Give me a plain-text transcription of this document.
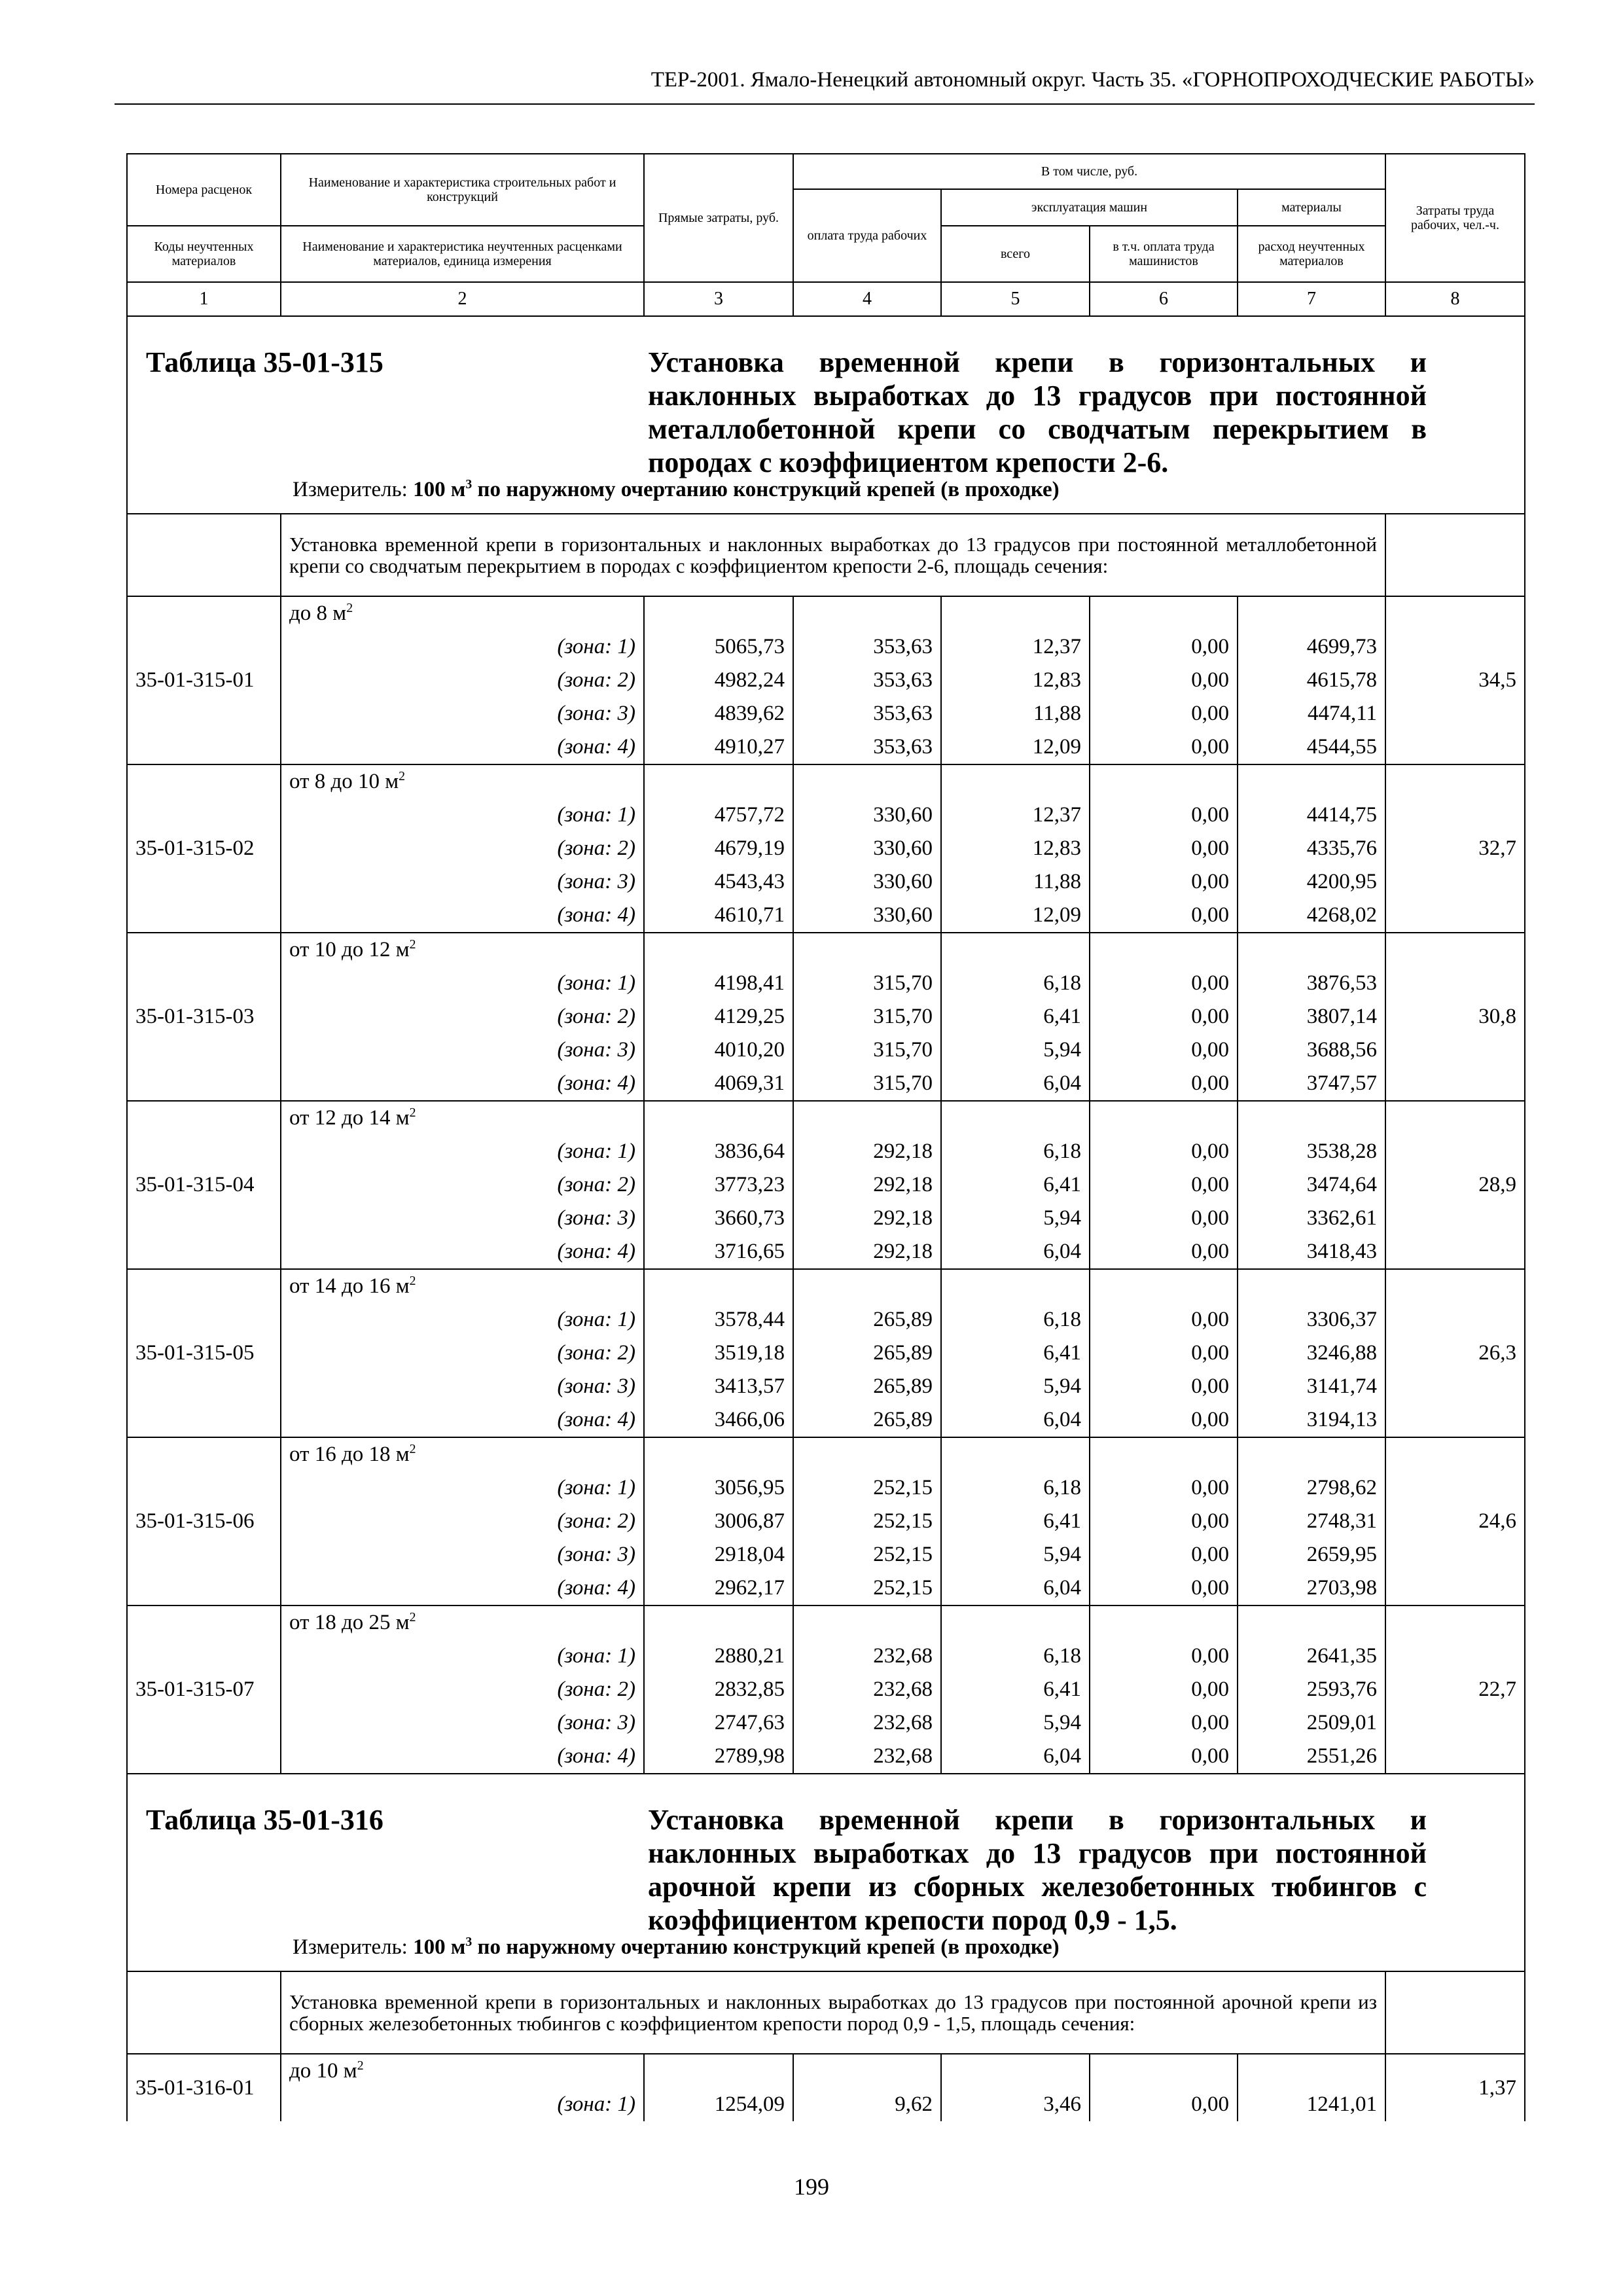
ТЕР-2001. Ямало-Ненецкий автономный округ. Часть 35. «ГОРНОПРОХОДЧЕСКИЕ РАБОТЫ»
Номера расценок	Наименование и характеристика строительных работ и конструкций	Прямые затраты, руб.	В том числе, руб.				Затраты труда рабочих, чел.-ч.
			оплата труда рабочих	эксплуатация машин		материалы	
Коды неучтенных материалов	Наименование и характеристика неучтенных расценками материалов, единица измерения			всего	в т.ч. оплата труда машинистов	расход неучтенных материалов	
1	2	3	4	5	6	7	8

Таблица 35-01-315 Установка временной крепи в горизонтальных и наклонных выработках до 13 градусов при постоянной металлобетонной крепи со сводчатым перекрытием в породах с коэффициентом крепости 2-6.
Измеритель: 100 $м^3$ по наружному очертанию конструкций крепей (в проходке)							

	Установка временной крепи в горизонтальных и наклонных выработках до 13 градусов при постоянной металлобетонной крепи со сводчатым перекрытием в породах с коэффициентом крепости 2-6, площадь сечения:						
35-01-315-01	до 8 $м^2$						34,5
	(зона: 1)	5065,73	353,63	12,37	0,00	4699,73	
	(зона: 2)	4982,24	353,63	12,83	0,00	4615,78	
	(зона: 3)	4839,62	353,63	11,88	0,00	4474,11	
	(зона: 4)	4910,27	353,63	12,09	0,00	4544,55	
35-01-315-02	от 8 до 10 $м^2$						32,7
	(зона: 1)	4757,72	330,60	12,37	0,00	4414,75	
	(зона: 2)	4679,19	330,60	12,83	0,00	4335,76	
	(зона: 3)	4543,43	330,60	11,88	0,00	4200,95	
	(зона: 4)	4610,71	330,60	12,09	0,00	4268,02	
35-01-315-03	от 10 до 12 $м^2$						30,8
	(зона: 1)	4198,41	315,70	6,18	0,00	3876,53	
	(зона: 2)	4129,25	315,70	6,41	0,00	3807,14	
	(зона: 3)	4010,20	315,70	5,94	0,00	3688,56	
	(зона: 4)	4069,31	315,70	6,04	0,00	3747,57	
35-01-315-04	от 12 до 14 $м^2$						28,9
	(зона: 1)	3836,64	292,18	6,18	0,00	3538,28	
	(зона: 2)	3773,23	292,18	6,41	0,00	3474,64	
	(зона: 3)	3660,73	292,18	5,94	0,00	3362,61	
	(зона: 4)	3716,65	292,18	6,04	0,00	3418,43	
35-01-315-05	от 14 до 16 $м^2$						26,3
	(зона: 1)	3578,44	265,89	6,18	0,00	3306,37	
	(зона: 2)	3519,18	265,89	6,41	0,00	3246,88	
	(зона: 3)	3413,57	265,89	5,94	0,00	3141,74	
	(зона: 4)	3466,06	265,89	6,04	0,00	3194,13	
35-01-315-06	от 16 до 18 $м^2$						24,6
	(зона: 1)	3056,95	252,15	6,18	0,00	2798,62	
	(зона: 2)	3006,87	252,15	6,41	0,00	2748,31	
	(зона: 3)	2918,04	252,15	5,94	0,00	2659,95	
	(зона: 4)	2962,17	252,15	6,04	0,00	2703,98	
35-01-315-07	от 18 до 25 $м^2$						22,7
	(зона: 1)	2880,21	232,68	6,18	0,00	2641,35	
	(зона: 2)	2832,85	232,68	6,41	0,00	2593,76	
	(зона: 3)	2747,63	232,68	5,94	0,00	2509,01	
	(зона: 4)	2789,98	232,68	6,04	0,00	2551,26	

Таблица 35-01-316 Установка временной крепи в горизонтальных и наклонных выработках до 13 градусов при постоянной арочной крепи из сборных железобетонных тюбингов с коэффициентом крепости пород 0,9 - 1,5.
Измеритель: 100 $м^3$ по наружному очертанию конструкций крепей (в проходке)							

	Установка временной крепи в горизонтальных и наклонных выработках до 13 градусов при постоянной арочной крепи из сборных железобетонных тюбингов с коэффициентом крепости пород 0,9 - 1,5, площадь сечения:						
35-01-316-01	до 10 $м^2$						1,37
	(зона: 1)	1254,09	9,62	3,46	0,00	1241,01	
199
